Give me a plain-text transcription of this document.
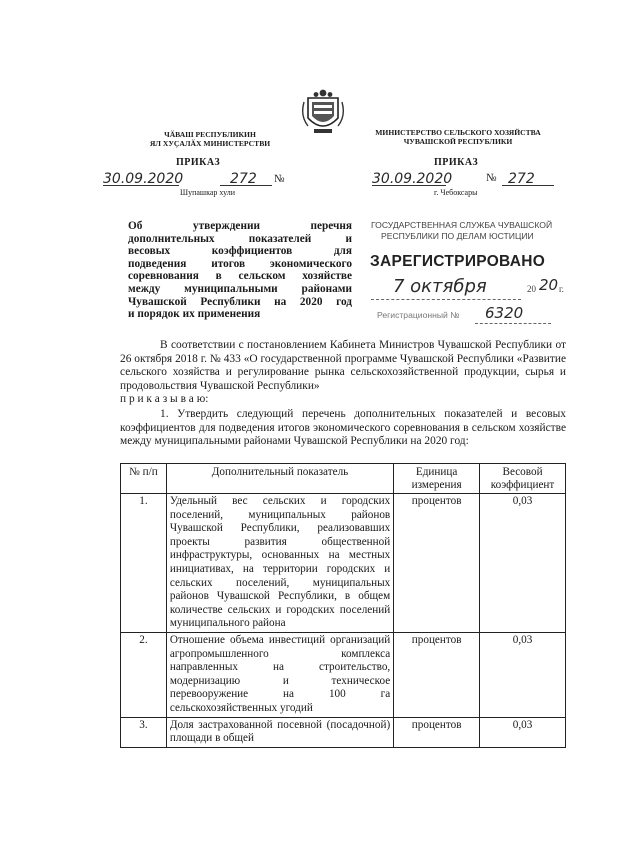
ЧӐВАШ РЕСПУБЛИКИН
ЯЛ ХУҪАЛӐХ МИНИСТЕРСТВИ
ПРИКАЗ
30.09.2020	272	№
Шупашкар хули
МИНИСТЕРСТВО СЕЛЬСКОГО ХОЗЯЙСТВА
ЧУВАШСКОЙ РЕСПУБЛИКИ
ПРИКАЗ
30.09.2020	№ 272
г. Чебоксары
Об утверждении перечня
дополнительных показателей и
весовых коэффициентов для
подведения итогов экономического
соревнования в сельском хозяйстве
между муниципальными районами
Чувашской Республики на 2020 год
и порядок их применения
ГОСУДАРСТВЕННАЯ СЛУЖБА ЧУВАШСКОЙ
РЕСПУБЛИКИ ПО ДЕЛАМ ЮСТИЦИИ
ЗАРЕГИСТРИРОВАНО
7 октября	20 20 г.
Регистрационный № 6320
В соответствии с постановлением Кабинета Министров Чувашской Республики от 26 октября 2018 г. № 433 «О государственной программе Чувашской Республики «Развитие сельского хозяйства и регулирование рынка сельскохозяйственной продукции, сырья и продовольствия Чувашской Республики»
п р и к а з ы в а ю:
1. Утвердить следующий перечень дополнительных показателей и весовых коэффициентов для подведения итогов экономического соревнования в сельском хозяйстве между муниципальными районами Чувашской Республики на 2020 год:
№ п/п	Дополнительный показатель	Единица измерения	Весовой коэффициент
1.	Удельный вес сельских и городских поселений, муниципальных районов Чувашской Республики, реализовавших проекты развития общественной инфраструктуры, основанных на местных инициативах, на территории городских и сельских поселений, муниципальных районов Чувашской Республики, в общем количестве сельских и городских поселений муниципального района	процентов	0,03
2.	Отношение объема инвестиций организаций агропромышленного комплекса направленных на строительство, модернизацию и техническое перевооружение на 100 га сельскохозяйственных угодий	процентов	0,03
3.	Доля застрахованной посевной (посадочной) площади в общей	процентов	0,03
